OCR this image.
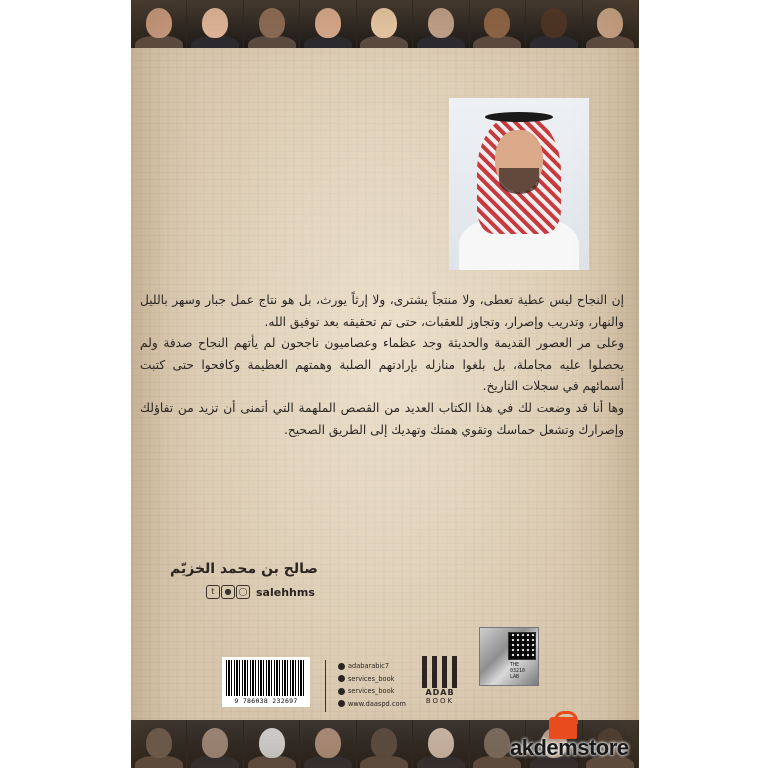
إن النجاح ليس عطية تعطى، ولا منتجاً يشترى، ولا إرثاً يورث، بل هو نتاج عمل جبار وسهر بالليل والنهار، وتدريب وإصرار، وتجاوز للعقبات، حتى تم تحقيقه بعد توفيق الله.

وعلى مر العصور القديمة والحديثة وجد عظماء وعصاميون ناجحون لم يأتهم النجاح صدفة ولم يحصلوا عليه مجاملة، بل بلغوا منازله بإرادتهم الصلبة وهمتهم العظيمة وكافحوا حتى كتبت أسمائهم في سجلات التاريخ.

وها أنا قد وضعت لك في هذا الكتاب العديد من القصص الملهمة التي أتمنى أن تزيد من تفاؤلك وإصرارك وتشعل حماسك وتقوي همتك وتهديك إلى الطريق الصحيح.

صالح بن محمد الخزيّم
t	● ◯ salehhms
9 786038 232697
adabarabic7
services_book
services_book
www.daaspd.com
ADAB
BOOK
THE
03210
LAB
akdemstore
